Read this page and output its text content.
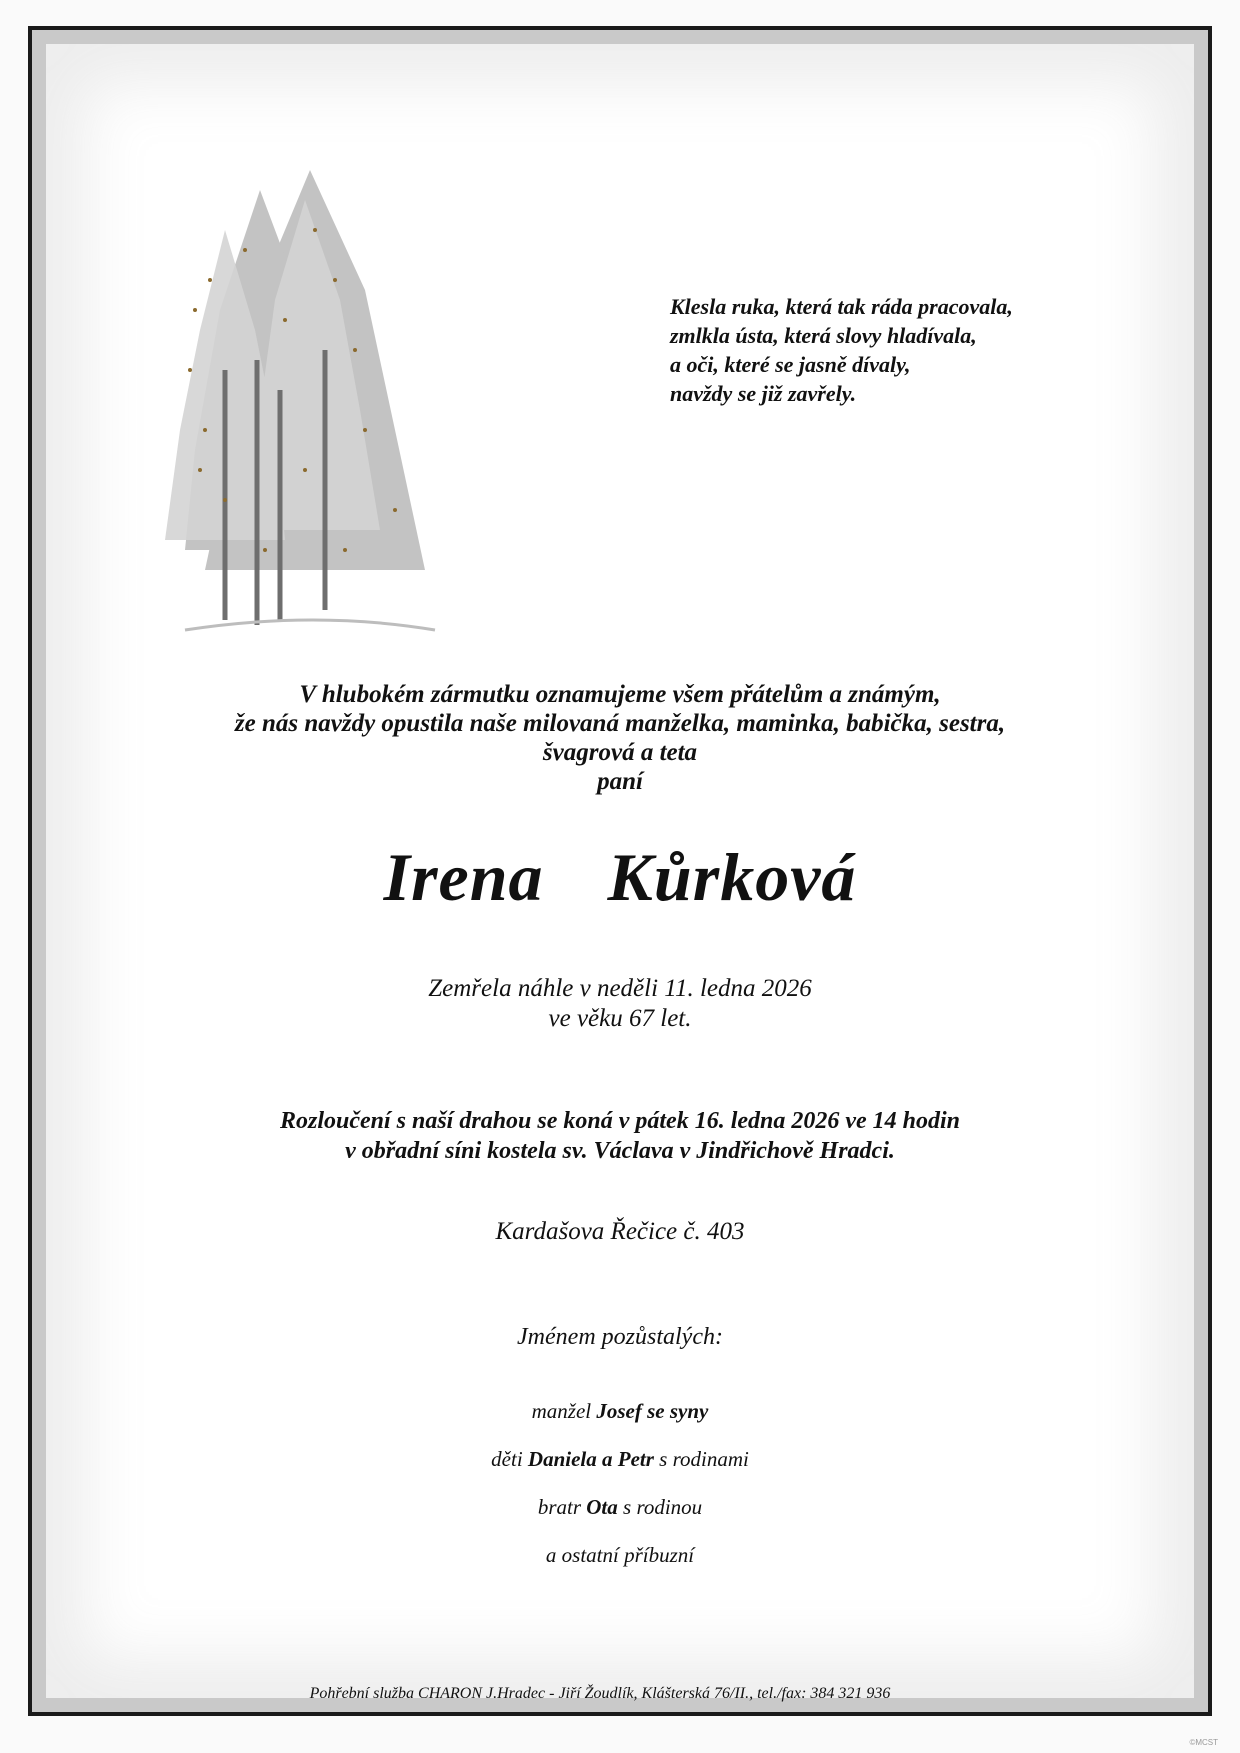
Klesla ruka, která tak ráda pracovala,
zmlkla ústa, která slovy hladívala,
a oči, které se jasně dívaly,
navždy se již zavřely.
V hlubokém zármutku oznamujeme všem přátelům a známým,
že nás navždy opustila naše milovaná manželka, maminka, babička, sestra,
švagrová a teta
paní
Irena  Kůrková
Zemřela náhle v neděli 11. ledna 2026
ve věku 67 let.
Rozloučení s naší drahou se koná v pátek 16. ledna 2026 ve 14 hodin
v obřadní síni kostela sv. Václava v Jindřichově Hradci.
Kardašova Řečice č. 403
Jménem pozůstalých:
manžel Josef se syny
děti Daniela a Petr s rodinami
bratr Ota s rodinou
a ostatní příbuzní
Pohřební služba CHARON J.Hradec - Jiří Žoudlík, Klášterská 76/II., tel./fax: 384 321 936
©MCST
